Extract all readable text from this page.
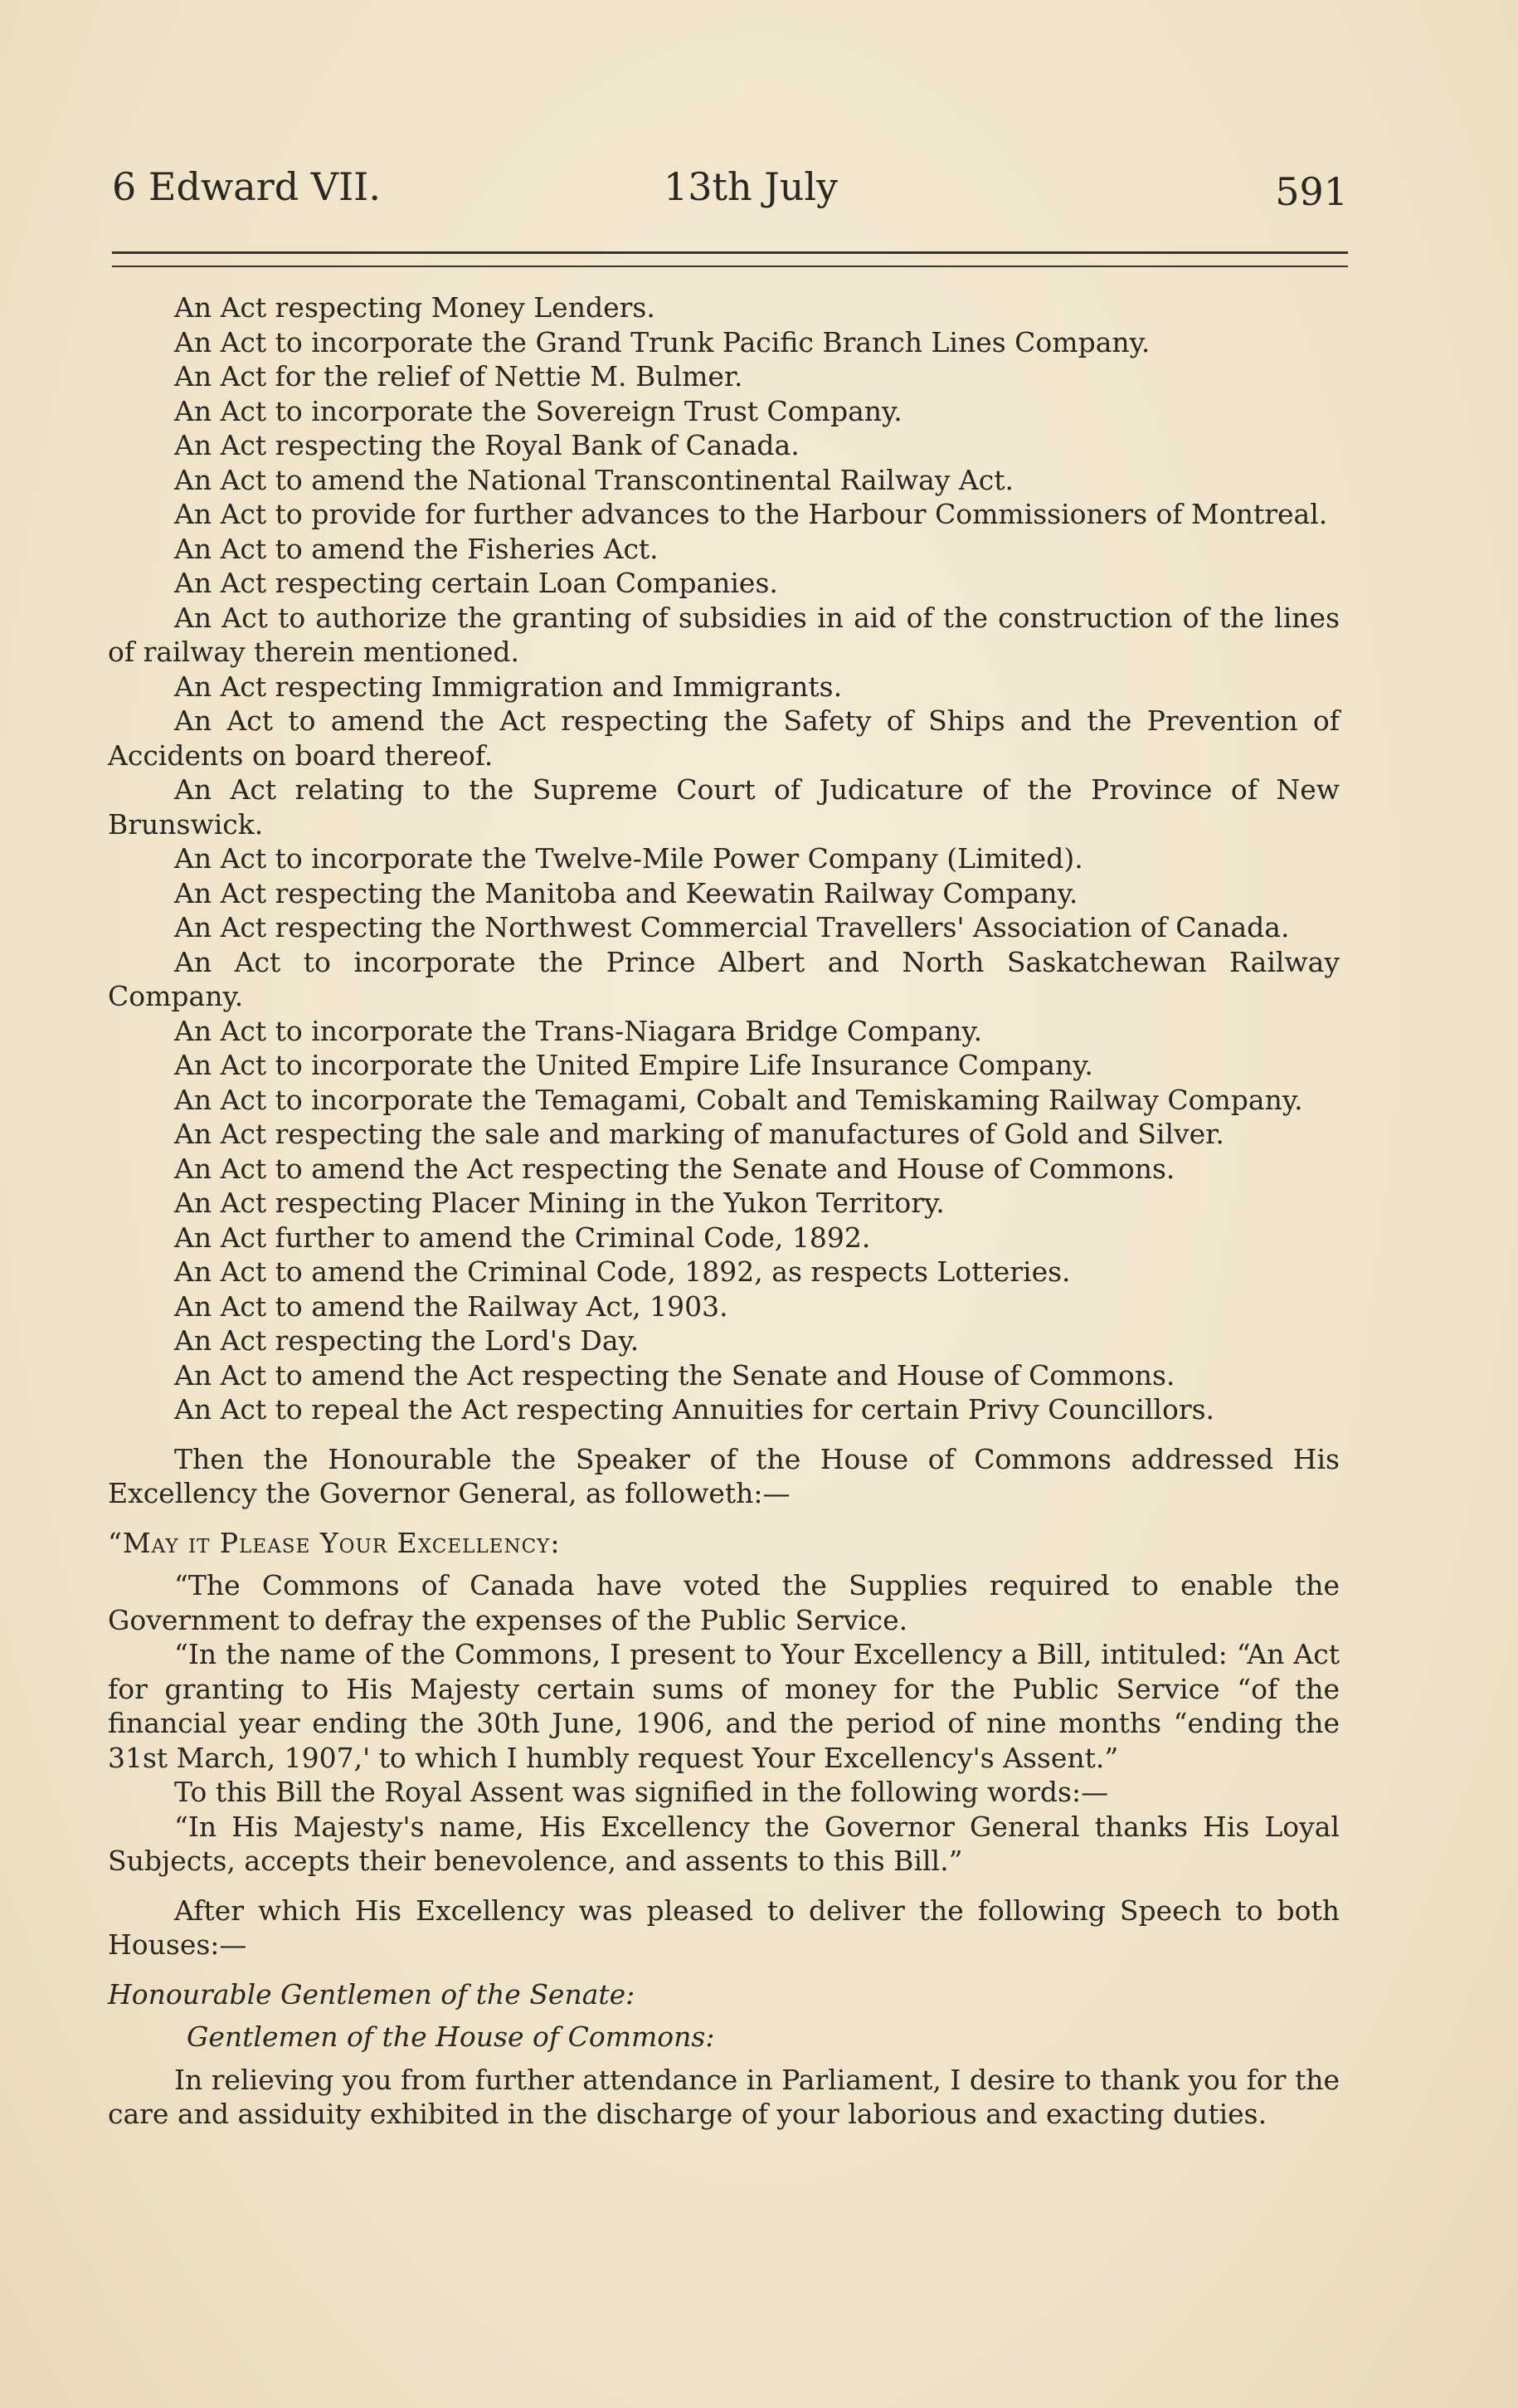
6 Edward VII.	13th July	591
An Act respecting Money Lenders.
An Act to incorporate the Grand Trunk Pacific Branch Lines Company.
An Act for the relief of Nettie M. Bulmer.
An Act to incorporate the Sovereign Trust Company.
An Act respecting the Royal Bank of Canada.
An Act to amend the National Transcontinental Railway Act.
An Act to provide for further advances to the Harbour Commissioners of Montreal.
An Act to amend the Fisheries Act.
An Act respecting certain Loan Companies.
An Act to authorize the granting of subsidies in aid of the construction of the lines of railway therein mentioned.
An Act respecting Immigration and Immigrants.
An Act to amend the Act respecting the Safety of Ships and the Prevention of Accidents on board thereof.
An Act relating to the Supreme Court of Judicature of the Province of New Brunswick.
An Act to incorporate the Twelve-Mile Power Company (Limited).
An Act respecting the Manitoba and Keewatin Railway Company.
An Act respecting the Northwest Commercial Travellers' Association of Canada.
An Act to incorporate the Prince Albert and North Saskatchewan Railway Company.
An Act to incorporate the Trans-Niagara Bridge Company.
An Act to incorporate the United Empire Life Insurance Company.
An Act to incorporate the Temagami, Cobalt and Temiskaming Railway Company.
An Act respecting the sale and marking of manufactures of Gold and Silver.
An Act to amend the Act respecting the Senate and House of Commons.
An Act respecting Placer Mining in the Yukon Territory.
An Act further to amend the Criminal Code, 1892.
An Act to amend the Criminal Code, 1892, as respects Lotteries.
An Act to amend the Railway Act, 1903.
An Act respecting the Lord's Day.
An Act to amend the Act respecting the Senate and House of Commons.
An Act to repeal the Act respecting Annuities for certain Privy Councillors.

Then the Honourable the Speaker of the House of Commons addressed His Excellency the Governor General, as followeth:—

“May it Please Your Excellency:

“The Commons of Canada have voted the Supplies required to enable the Government to defray the expenses of the Public Service.

“In the name of the Commons, I present to Your Excellency a Bill, intituled: “An Act for granting to His Majesty certain sums of money for the Public Service “of the financial year ending the 30th June, 1906, and the period of nine months “ending the 31st March, 1907,' to which I humbly request Your Excellency's Assent.”

To this Bill the Royal Assent was signified in the following words:—

“In His Majesty's name, His Excellency the Governor General thanks His Loyal Subjects, accepts their benevolence, and assents to this Bill.”

After which His Excellency was pleased to deliver the following Speech to both Houses:—

Honourable Gentlemen of the Senate:

Gentlemen of the House of Commons:

In relieving you from further attendance in Parliament, I desire to thank you for the care and assiduity exhibited in the discharge of your laborious and exacting duties.
